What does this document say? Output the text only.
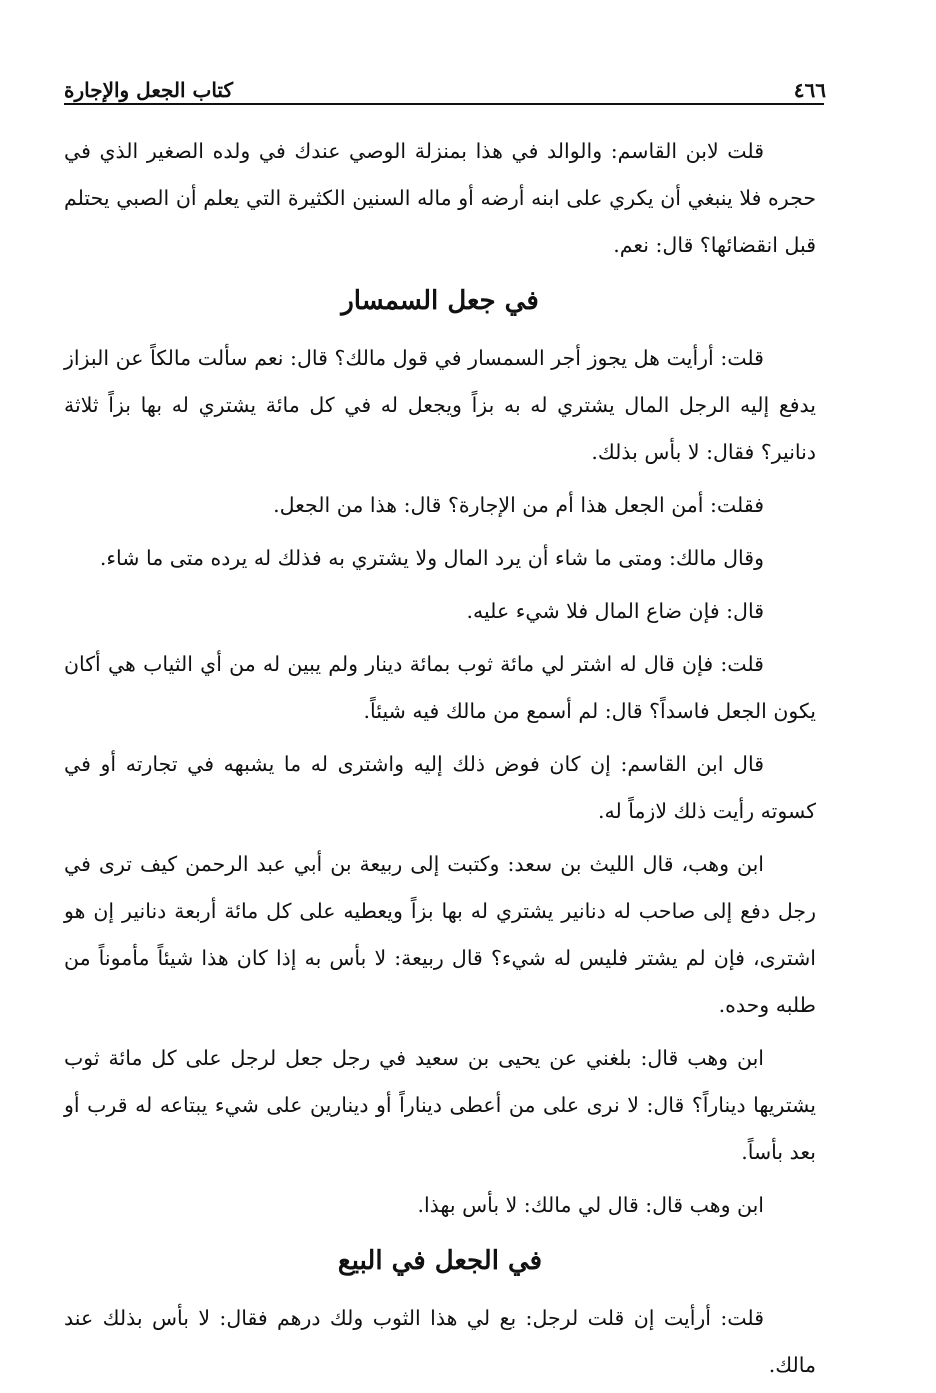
٤٦٦
كتاب الجعل والإجارة

قلت لابن القاسم: والوالد في هذا بمنزلة الوصي عندك في ولده الصغير الذي في حجره فلا ينبغي أن يكري على ابنه أرضه أو ماله السنين الكثيرة التي يعلم أن الصبي يحتلم قبل انقضائها؟ قال: نعم.

في جعل السمسار

قلت: أرأيت هل يجوز أجر السمسار في قول مالك؟ قال: نعم سألت مالكاً عن البزاز يدفع إليه الرجل المال يشتري له به بزاً ويجعل له في كل مائة يشتري له بها بزاً ثلاثة دنانير؟ فقال: لا بأس بذلك.

فقلت: أمن الجعل هذا أم من الإجارة؟ قال: هذا من الجعل.

وقال مالك: ومتى ما شاء أن يرد المال ولا يشتري به فذلك له يرده متى ما شاء.

قال: فإن ضاع المال فلا شيء عليه.

قلت: فإن قال له اشتر لي مائة ثوب بمائة دينار ولم يبين له من أي الثياب هي أكان يكون الجعل فاسداً؟ قال: لم أسمع من مالك فيه شيئاً.

قال ابن القاسم: إن كان فوض ذلك إليه واشترى له ما يشبهه في تجارته أو في كسوته رأيت ذلك لازماً له.

ابن وهب، قال الليث بن سعد: وكتبت إلى ربيعة بن أبي عبد الرحمن كيف ترى في رجل دفع إلى صاحب له دنانير يشتري له بها بزاً ويعطيه على كل مائة أربعة دنانير إن هو اشترى، فإن لم يشتر فليس له شيء؟ قال ربيعة: لا بأس به إذا كان هذا شيئاً مأموناً من طلبه وحده.

ابن وهب قال: بلغني عن يحيى بن سعيد في رجل جعل لرجل على كل مائة ثوب يشتريها ديناراً؟ قال: لا نرى على من أعطى ديناراً أو دينارين على شيء يبتاعه له قرب أو بعد بأساً.

ابن وهب قال: قال لي مالك: لا بأس بهذا.

في الجعل في البيع

قلت: أرأيت إن قلت لرجل: بع لي هذا الثوب ولك درهم فقال: لا بأس بذلك عند مالك.
